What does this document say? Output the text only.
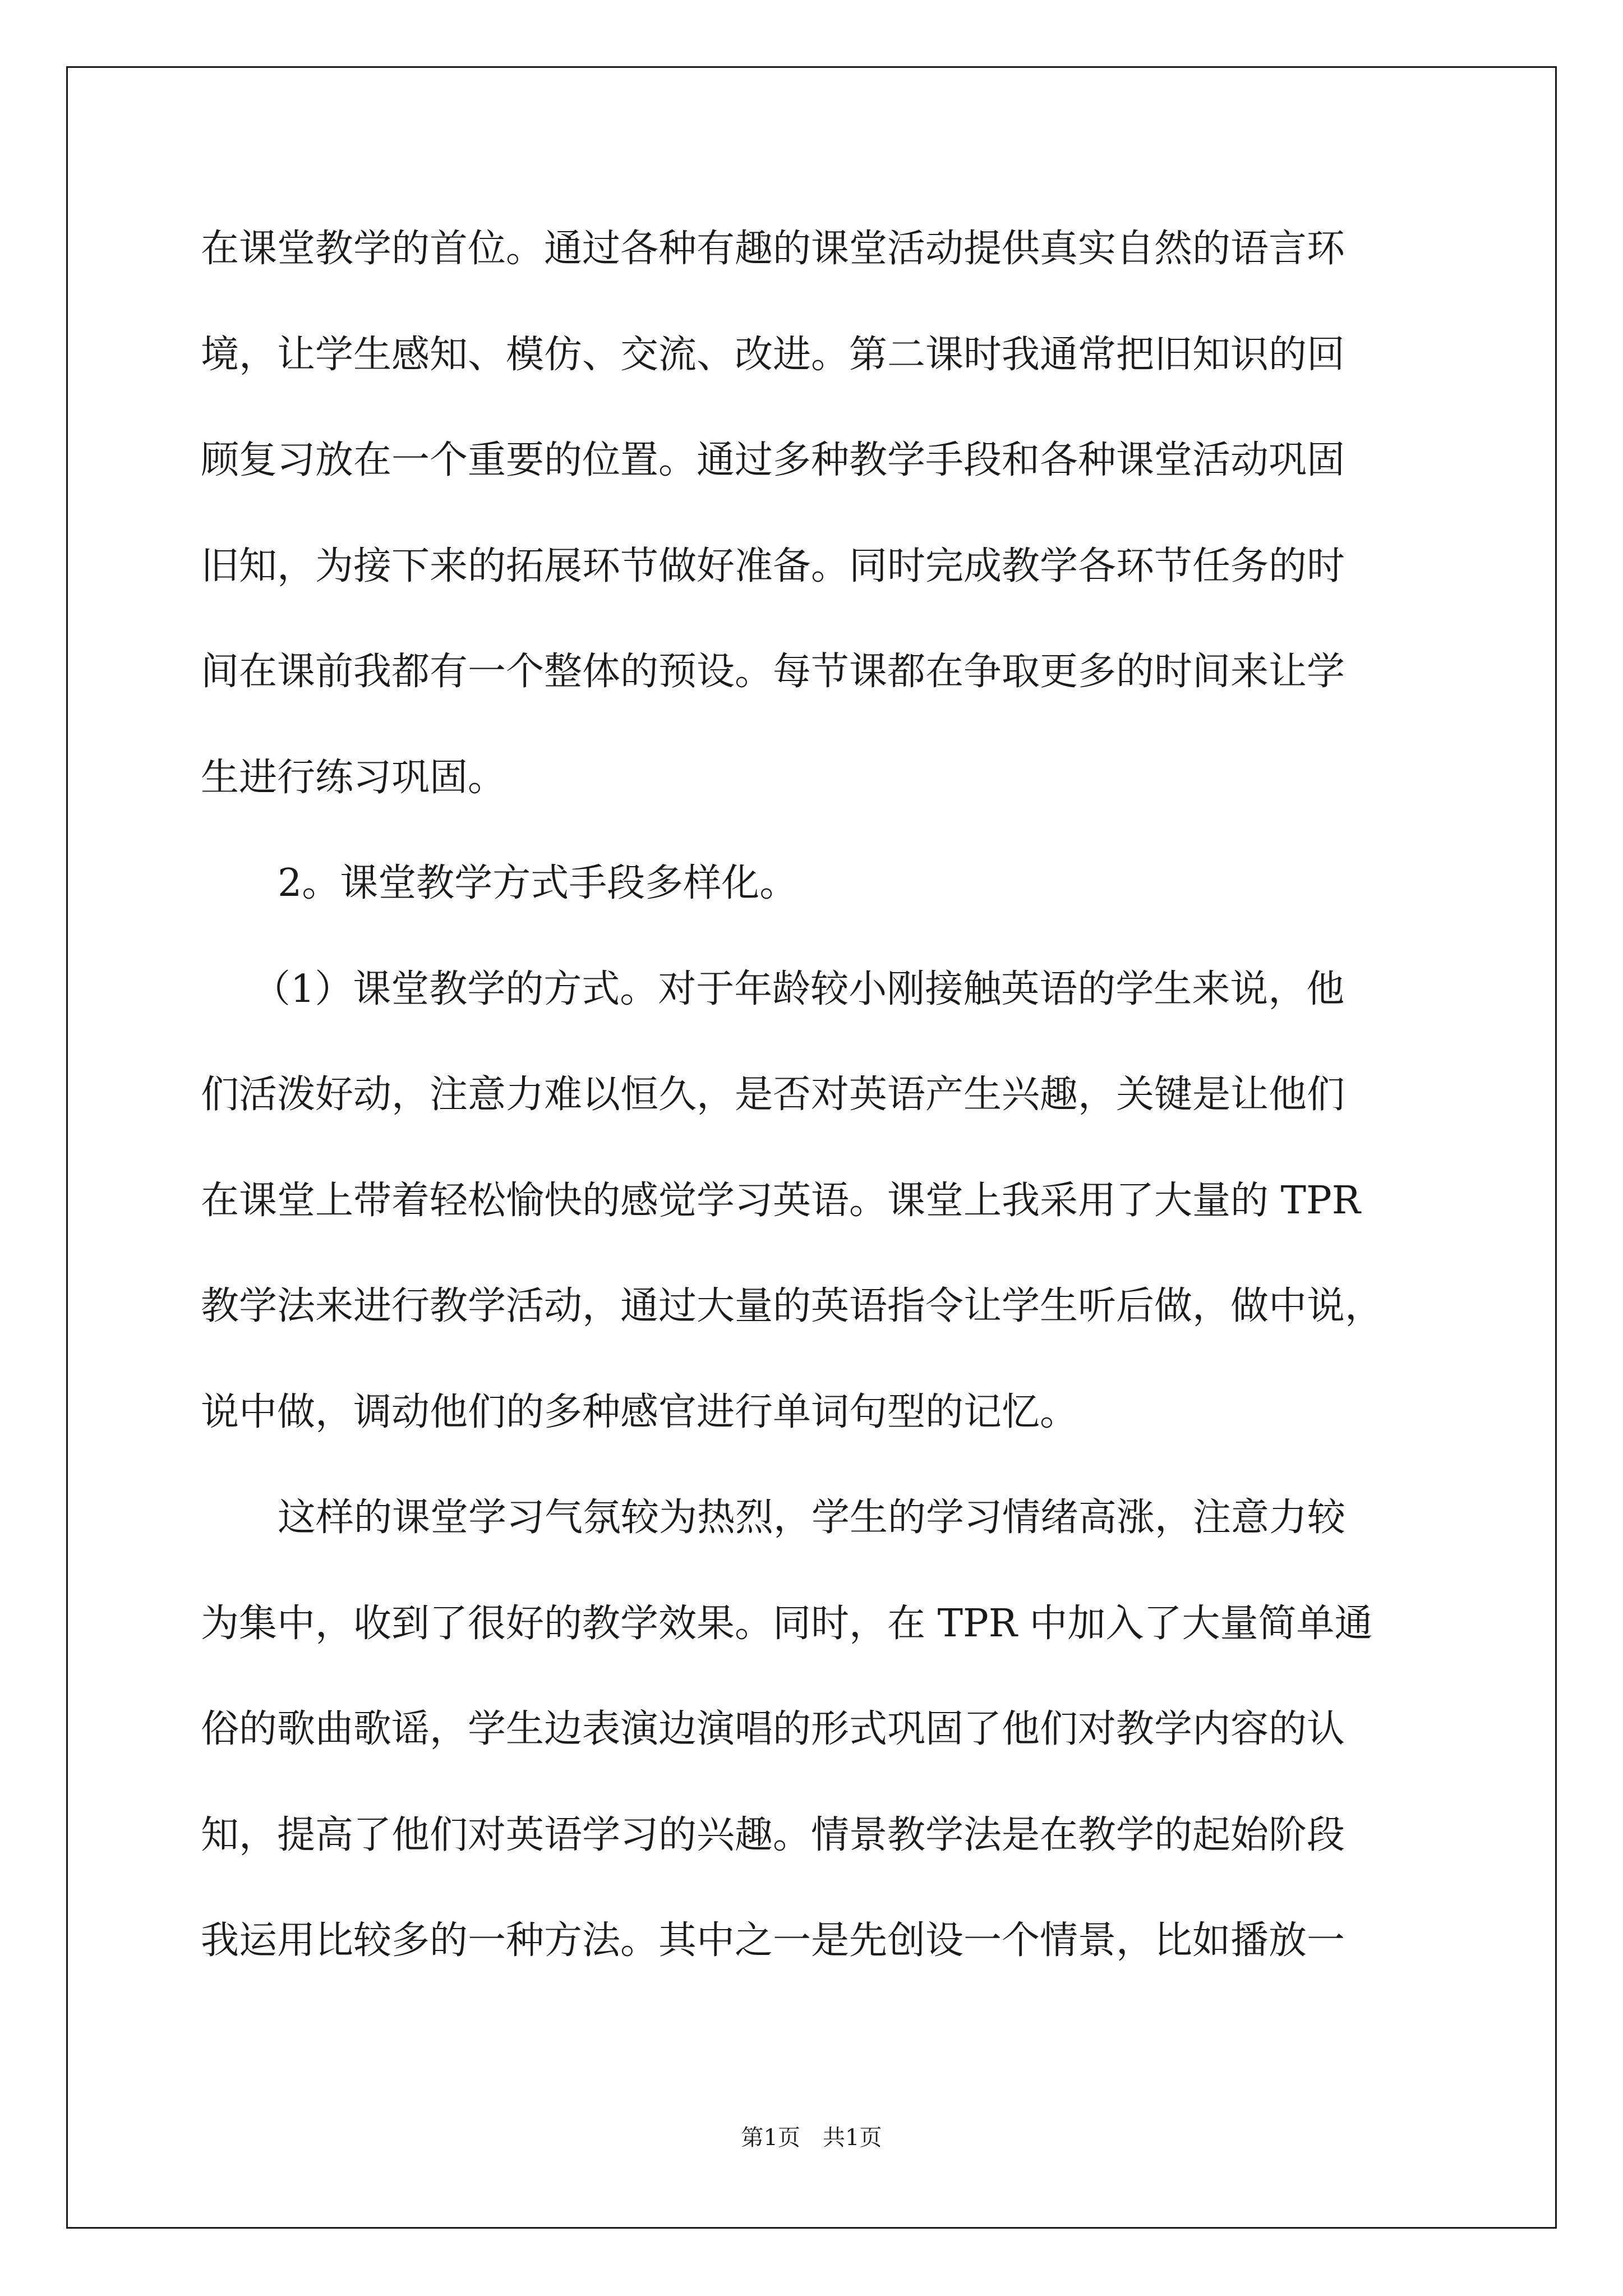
在课堂教学的首位。通过各种有趣的课堂活动提供真实自然的语言环

境，让学生感知、模仿、交流、改进。第二课时我通常把旧知识的回

顾复习放在一个重要的位置。通过多种教学手段和各种课堂活动巩固

旧知，为接下来的拓展环节做好准备。同时完成教学各环节任务的时

间在课前我都有一个整体的预设。每节课都在争取更多的时间来让学

生进行练习巩固。

2。课堂教学方式手段多样化。

（1）课堂教学的方式。对于年龄较小刚接触英语的学生来说，他

们活泼好动，注意力难以恒久，是否对英语产生兴趣，关键是让他们

在课堂上带着轻松愉快的感觉学习英语。课堂上我采用了大量的 TPR

教学法来进行教学活动，通过大量的英语指令让学生听后做，做中说，

说中做，调动他们的多种感官进行单词句型的记忆。

这样的课堂学习气氛较为热烈，学生的学习情绪高涨，注意力较

为集中，收到了很好的教学效果。同时，在 TPR 中加入了大量简单通

俗的歌曲歌谣，学生边表演边演唱的形式巩固了他们对教学内容的认

知，提高了他们对英语学习的兴趣。情景教学法是在教学的起始阶段

我运用比较多的一种方法。其中之一是先创设一个情景，比如播放一

第1页　共1页
